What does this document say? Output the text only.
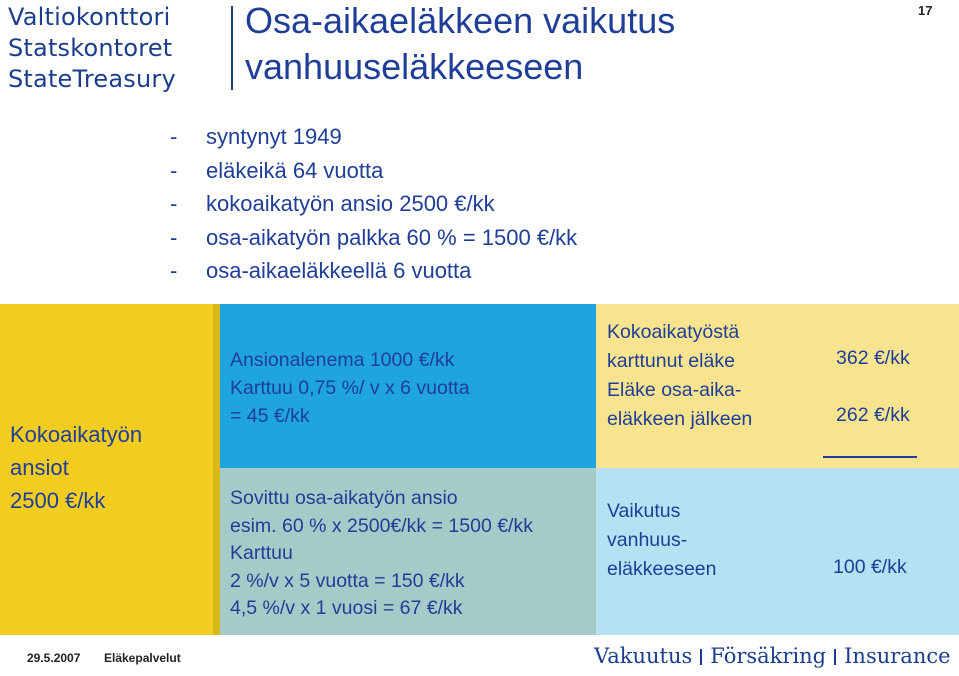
Valtiokonttori
Statskontoret
StateTreasury
Osa-aikaeläkkeen vaikutus
vanhuuseläkkeeseen
17
- syntynyt 1949
- eläkeikä 64 vuotta
- kokoaikatyön ansio 2500 €/kk
- osa-aikatyön palkka 60 % = 1500 €/kk
- osa-aikaeläkkeellä 6 vuotta
Kokoaikatyön
ansiot
2500 €/kk
Ansionalenema 1000 €/kk
Karttuu 0,75 %/ v x 6 vuotta
= 45 €/kk
Sovittu osa-aikatyön ansio
esim. 60 % x 2500€/kk = 1500 €/kk
Karttuu
2 %/v x 5 vuotta = 150 €/kk
4,5 %/v x 1 vuosi = 67 €/kk
Kokoaikatyöstä
karttunut eläke
Eläke osa-aika-
eläkkeen jälkeen
362 €/kk
262 €/kk
Vaikutus
vanhuus-
eläkkeeseen	100 €/kk
29.5.2007 Eläkepalvelut	Vakuutus Försäkring Insurance
